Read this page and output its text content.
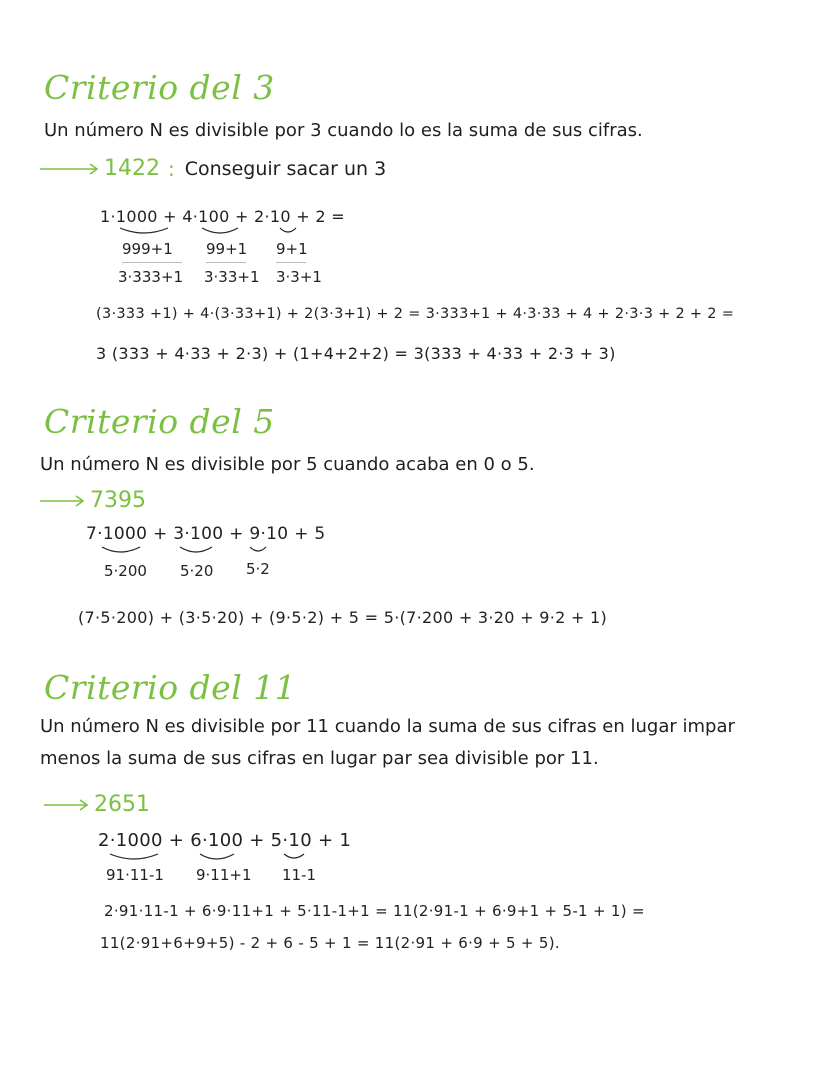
Criterio del 3
Un número N es divisible por 3 cuando lo es la suma de sus cifras.
1422 : Conseguir sacar un 3
1·1000 + 4·100 + 2·10 + 2 =
999+1 99+1 9+1
3·333+1 3·33+1 3·3+1
(3·333 +1) + 4·(3·33+1) + 2(3·3+1) + 2 = 3·333+1 + 4·3·33 + 4 + 2·3·3 + 2 + 2 =
3 (333 + 4·33 + 2·3) + (1+4+2+2) = 3(333 + 4·33 + 2·3 + 3)
Criterio del 5
Un número N es divisible por 5 cuando acaba en 0 o 5.
7395
7·1000 + 3·100 + 9·10 + 5
5·200 5·20 5·2
(7·5·200) + (3·5·20) + (9·5·2) + 5 = 5·(7·200 + 3·20 + 9·2 + 1)
Criterio del 11
Un número N es divisible por 11 cuando la suma de sus cifras en lugar impar
menos la suma de sus cifras en lugar par sea divisible por 11.
2651
2·1000 + 6·100 + 5·10 + 1
91·11-1 9·11+1 11-1
2·91·11-1 + 6·9·11+1 + 5·11-1+1 = 11(2·91-1 + 6·9+1 + 5-1 + 1) =
11(2·91+6+9+5) - 2 + 6 - 5 + 1 = 11(2·91 + 6·9 + 5 + 5).
